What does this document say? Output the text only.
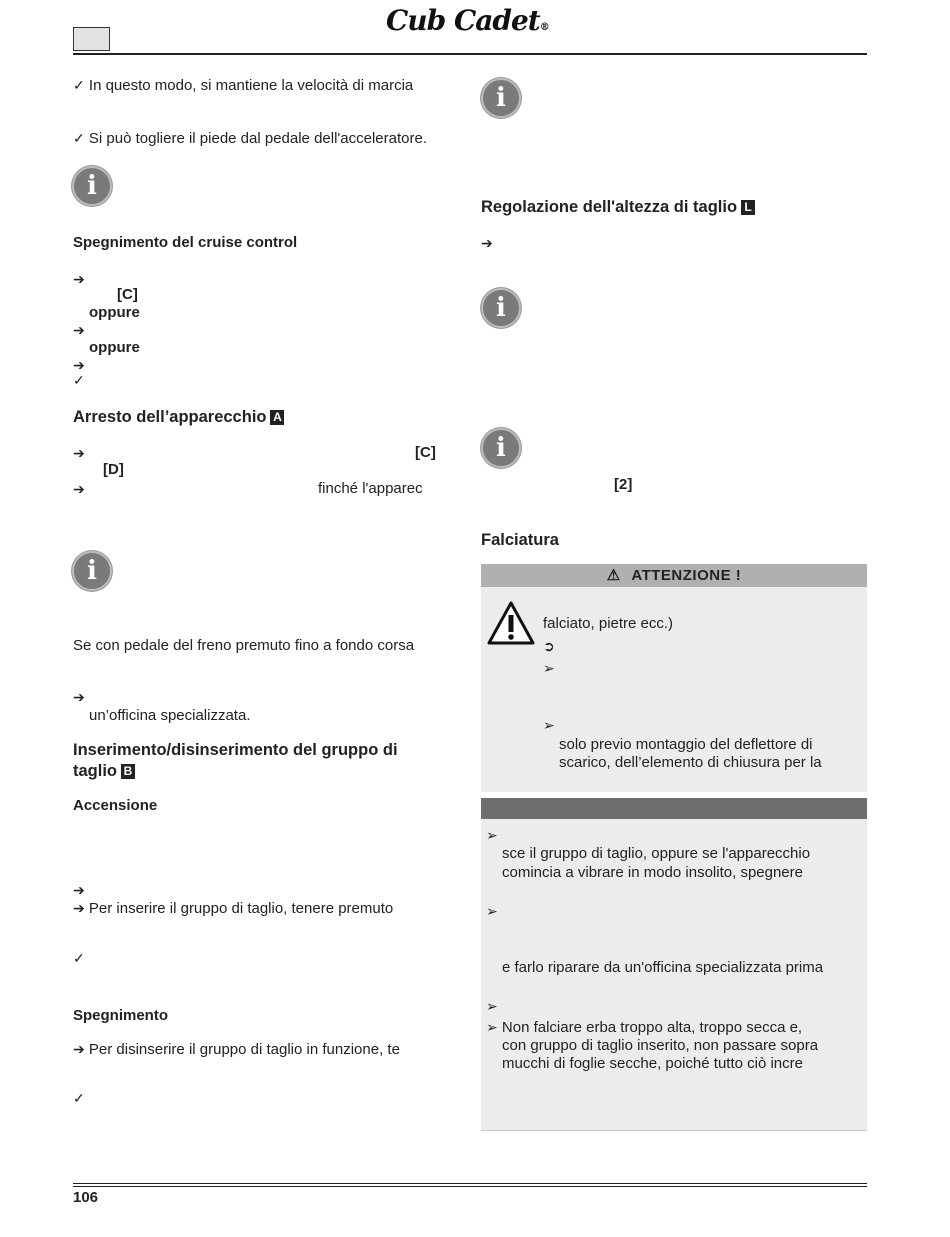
Cub Cadet®
✓ In questo modo, si mantiene la velocità di marcia
✓ Si può togliere il piede dal pedale dell'acceleratore.
i
Spegnimento del cruise control
➔
[C]
oppure
➔
oppure
➔
✓
Arresto dell’apparecchio A
➔	[C]
[D]
➔	finché l'apparec
i
Se con pedale del freno premuto fino a fondo corsa
➔
un’officina specializzata.
Inserimento/disinserimento del gruppo di
taglio B
Accensione
➔
➔ Per inserire il gruppo di taglio, tenere premuto
✓
Spegnimento
➔ Per disinserire il gruppo di taglio in funzione, te
✓
i
Regolazione dell'altezza di taglio L
➔
i
i
[2]
Falciatura
⚠ ATTENZIONE !
falciato, pietre ecc.)
➲
➢
➢
solo previo montaggio del deflettore di
scarico, dell’elemento di chiusura per la
➢
sce il gruppo di taglio, oppure se l'apparecchio
comincia a vibrare in modo insolito, spegnere
➢
e farlo riparare da un'officina specializzata prima
➢
➢ Non falciare erba troppo alta, troppo secca e,
con gruppo di taglio inserito, non passare sopra
mucchi di foglie secche, poiché tutto ciò incre
106
